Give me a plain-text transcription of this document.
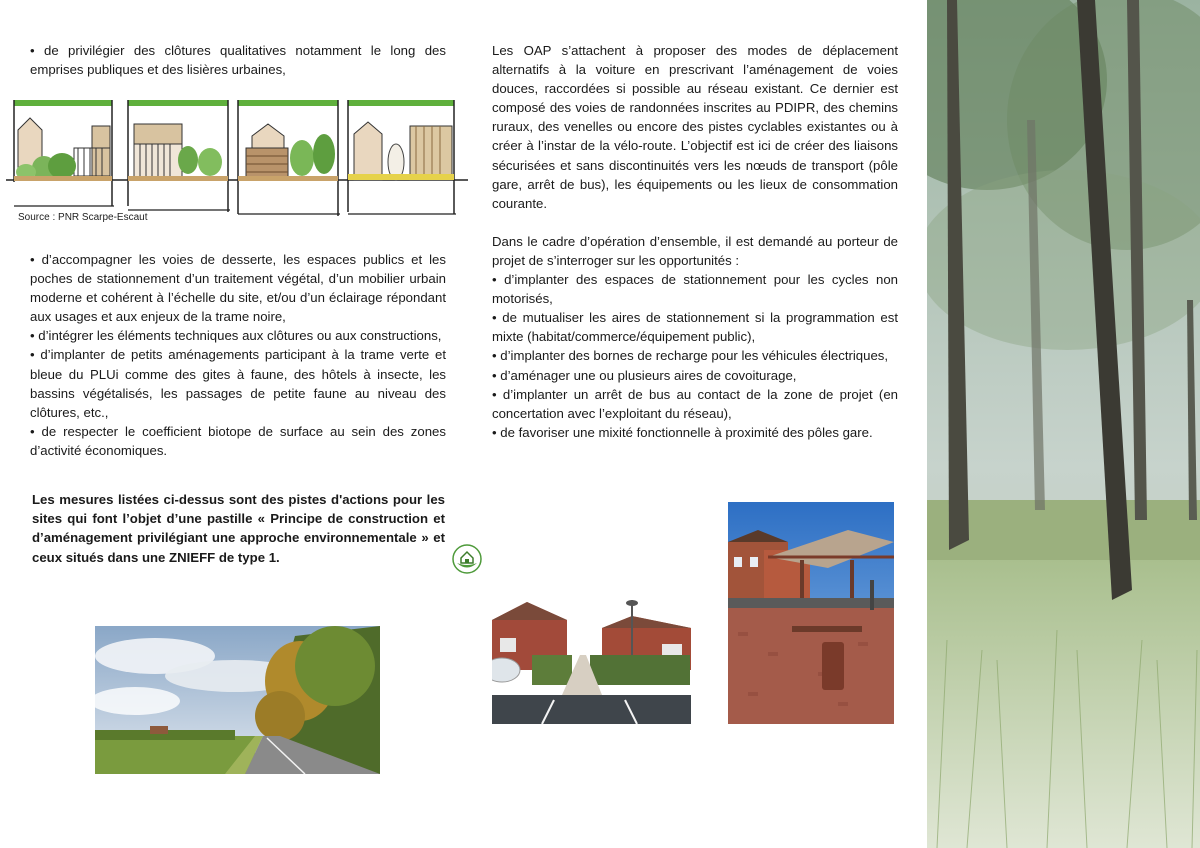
• de privilégier des clôtures qualitatives notamment le long des emprises publiques et des lisières urbaines,

Source : PNR Scarpe-Escaut

• d’accompagner les voies de desserte, les espaces publics et les poches de stationnement d’un traitement végétal, d’un mobilier urbain moderne et cohérent à l’échelle du site, et/ou d’un éclairage répondant aux usages et aux enjeux de la trame noire,

• d’intégrer les éléments techniques aux clôtures ou aux constructions,

• d’implanter de petits aménagements participant à la trame verte et bleue du PLUi comme des gites à faune, des hôtels à insecte, les bassins végétalisés, les passages de petite faune au niveau des clôtures, etc.,

• de respecter le coefficient biotope de surface au sein des zones d’activité économiques.

Les mesures listées ci-dessus sont des pistes d'actions pour les sites qui font l’objet d’une pastille « Principe de construction et d’aménagement privilégiant une approche environnementale » et ceux situés dans une ZNIEFF de type 1.

Les OAP s’attachent à proposer des modes de déplacement alternatifs à la voiture en prescrivant l’aménagement de voies douces, raccordées si possible au réseau existant. Ce dernier est composé des voies de randonnées inscrites au PDIPR, des chemins ruraux, des venelles ou encore des pistes cyclables existantes ou à créer à l’instar de la vélo-route. L’objectif est ici de créer des liaisons sécurisées et sans discontinuités vers les nœuds de transport (pôle gare, arrêt de bus), les équipements ou les lieux de consommation courante.

Dans le cadre d’opération d’ensemble, il est demandé au porteur de projet de s’interroger sur les opportunités :

• d’implanter des espaces de stationnement pour les cycles non motorisés,

• de mutualiser les aires de stationnement si la programmation est mixte (habitat/commerce/équipement public),

• d’implanter des bornes de recharge pour les véhicules électriques,

• d’aménager une ou plusieurs aires de covoiturage,

• d’implanter un arrêt de bus au contact de la zone de projet (en concertation avec l’exploitant du réseau),

• de favoriser une mixité fonctionnelle à proximité des pôles gare.
